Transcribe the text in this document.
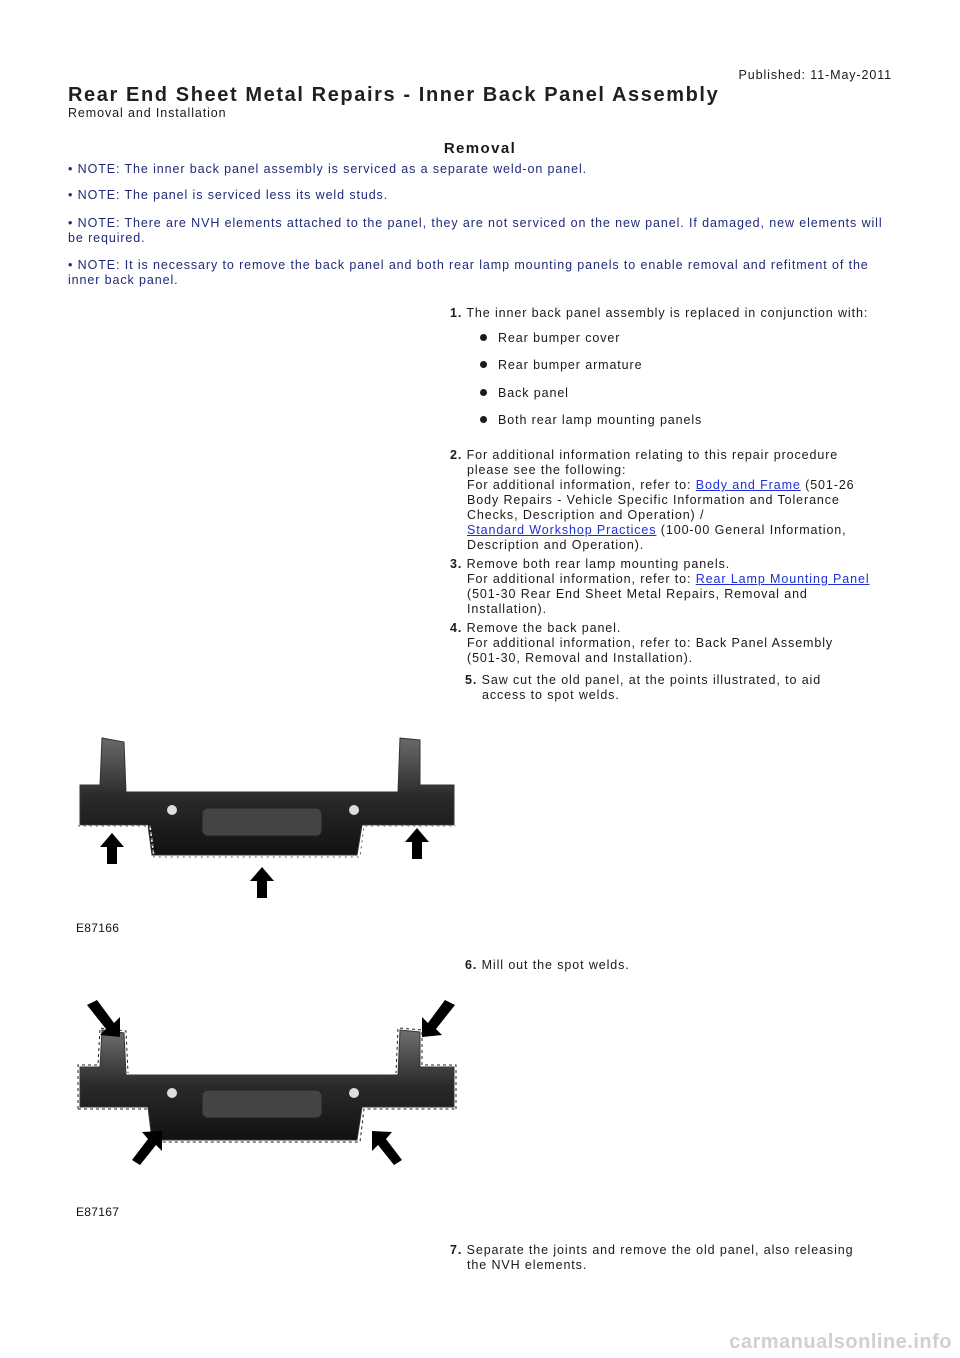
Published: 11-May-2011
Rear End Sheet Metal Repairs - Inner Back Panel Assembly
Removal and Installation
Removal
• NOTE: The inner back panel assembly is serviced as a separate weld-on panel.
• NOTE: The panel is serviced less its weld studs.
• NOTE: There are NVH elements attached to the panel, they are not serviced on the new panel. If damaged, new elements will be required.
• NOTE: It is necessary to remove the back panel and both rear lamp mounting panels to enable removal and refitment of the inner back panel.
1. The inner back panel assembly is replaced in conjunction with:
Rear bumper cover
Rear bumper armature
Back panel
Both rear lamp mounting panels
2. For additional information relating to this repair procedure
please see the following:
For additional information, refer to: Body and Frame (501-26
Body Repairs - Vehicle Specific Information and Tolerance
Checks, Description and Operation) /
Standard Workshop Practices (100-00 General Information,
Description and Operation).
3. Remove both rear lamp mounting panels.
For additional information, refer to: Rear Lamp Mounting Panel
(501-30 Rear End Sheet Metal Repairs, Removal and
Installation).
4. Remove the back panel.
For additional information, refer to: Back Panel Assembly
(501-30, Removal and Installation).
5. Saw cut the old panel, at the points illustrated, to aid
access to spot welds.
E87166
6. Mill out the spot welds.
E87167
7. Separate the joints and remove the old panel, also releasing
the NVH elements.
carmanualsonline.info
